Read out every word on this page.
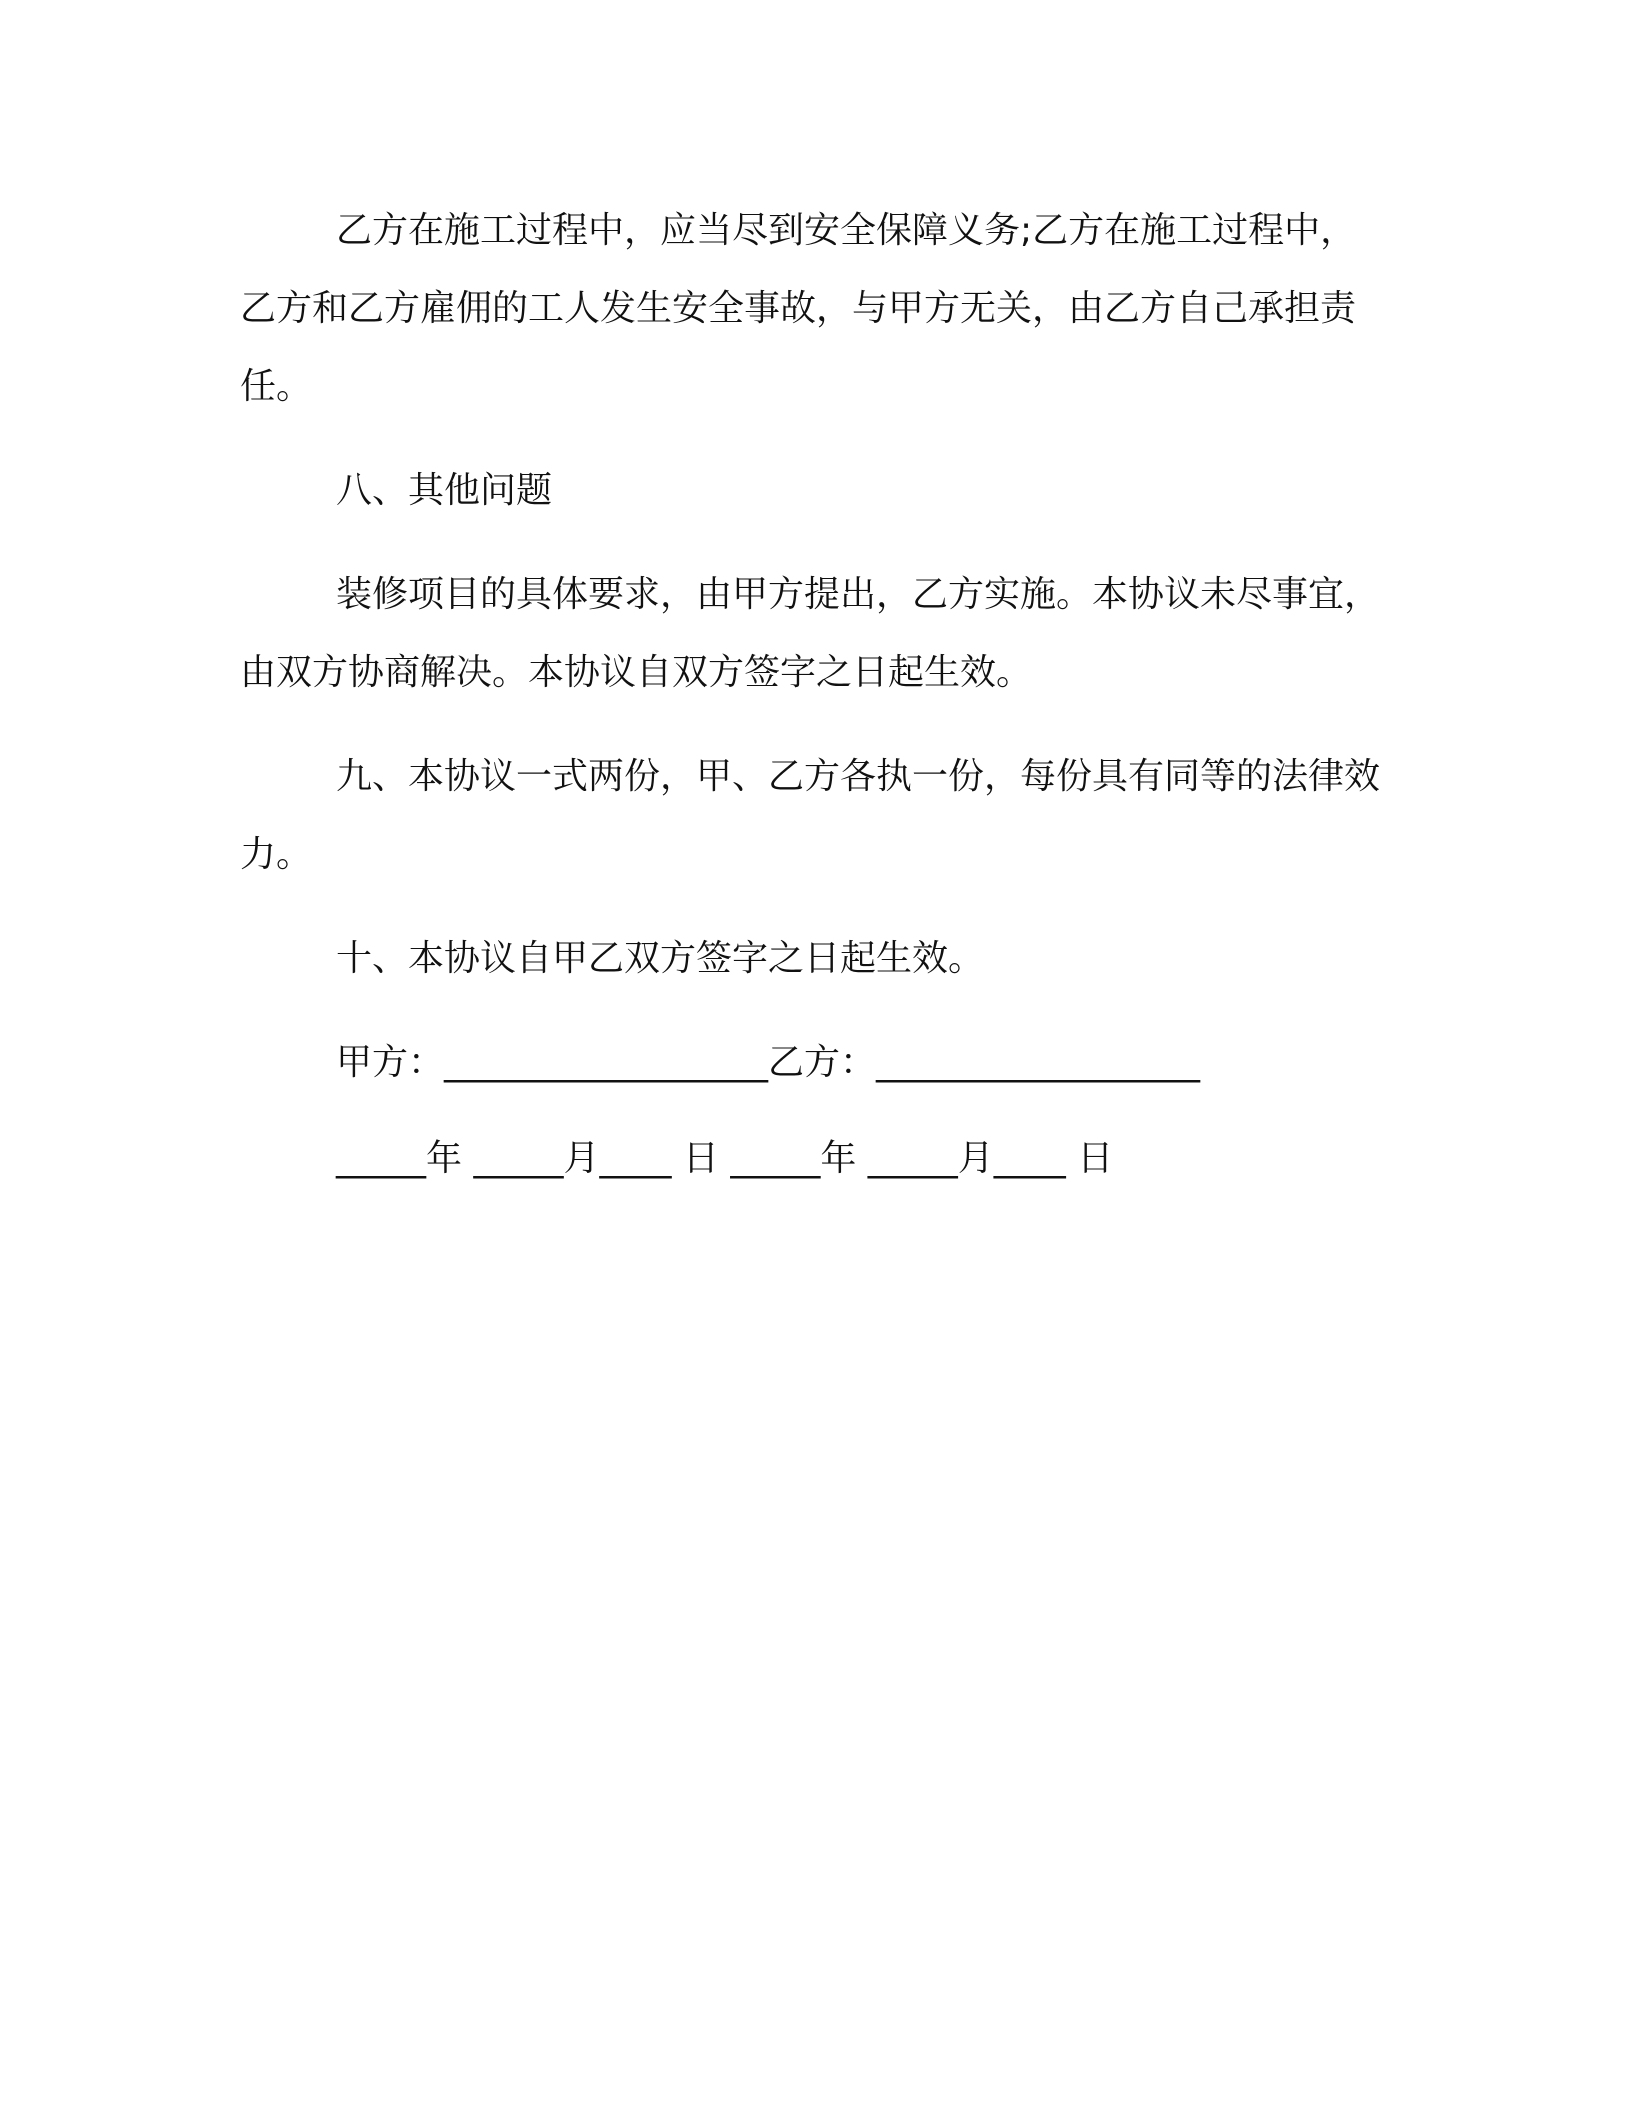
乙方在施工过程中，应当尽到安全保障义务;乙方在施工过程中，乙方和乙方雇佣的工人发生安全事故，与甲方无关，由乙方自己承担责任。

八、其他问题

装修项目的具体要求，由甲方提出，乙方实施。本协议未尽事宜，由双方协商解决。本协议自双方签字之日起生效。

九、本协议一式两份，甲、乙方各执一份，每份具有同等的法律效力。

十、本协议自甲乙双方签字之日起生效。

甲方：__________________乙方：__________________

_____年 _____月____ 日 _____年 _____月____ 日
